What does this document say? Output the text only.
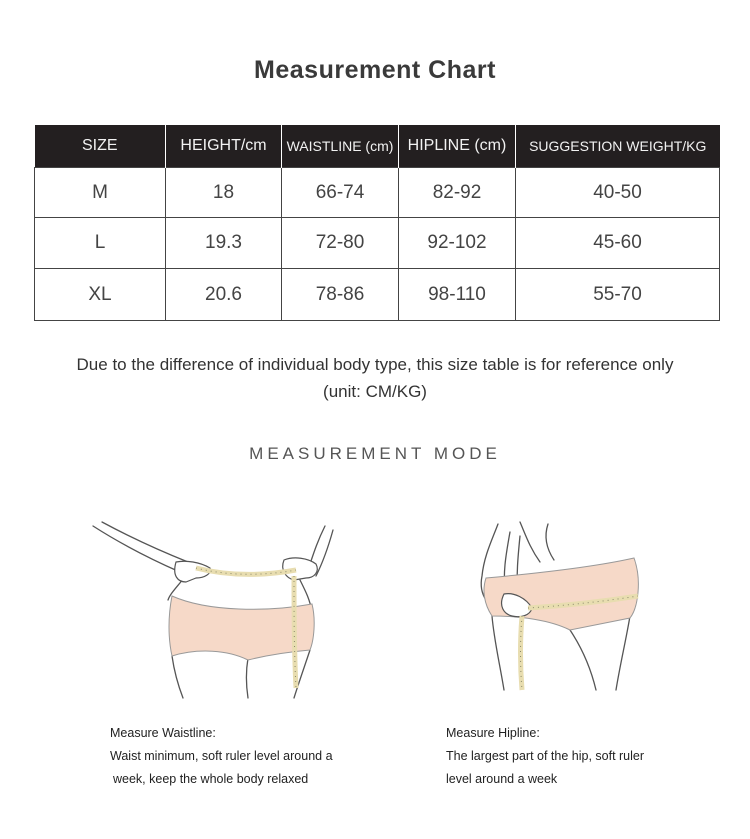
Measurement Chart
SIZE	HEIGHT/cm	WAISTLINE (cm)	HIPLINE (cm)	SUGGESTION WEIGHT/KG
M	18	66-74	82-92	40-50
L	19.3	72-80	92-102	45-60
XL	20.6	78-86	98-110	55-70
Due to the difference of individual body type, this size table is for reference only (unit: CM/KG)
MEASUREMENT MODE
Measure Waistline:
Waist minimum, soft ruler level around a
week, keep the whole body relaxed
Measure Hipline:
The largest part of the hip, soft ruler
level around a week
